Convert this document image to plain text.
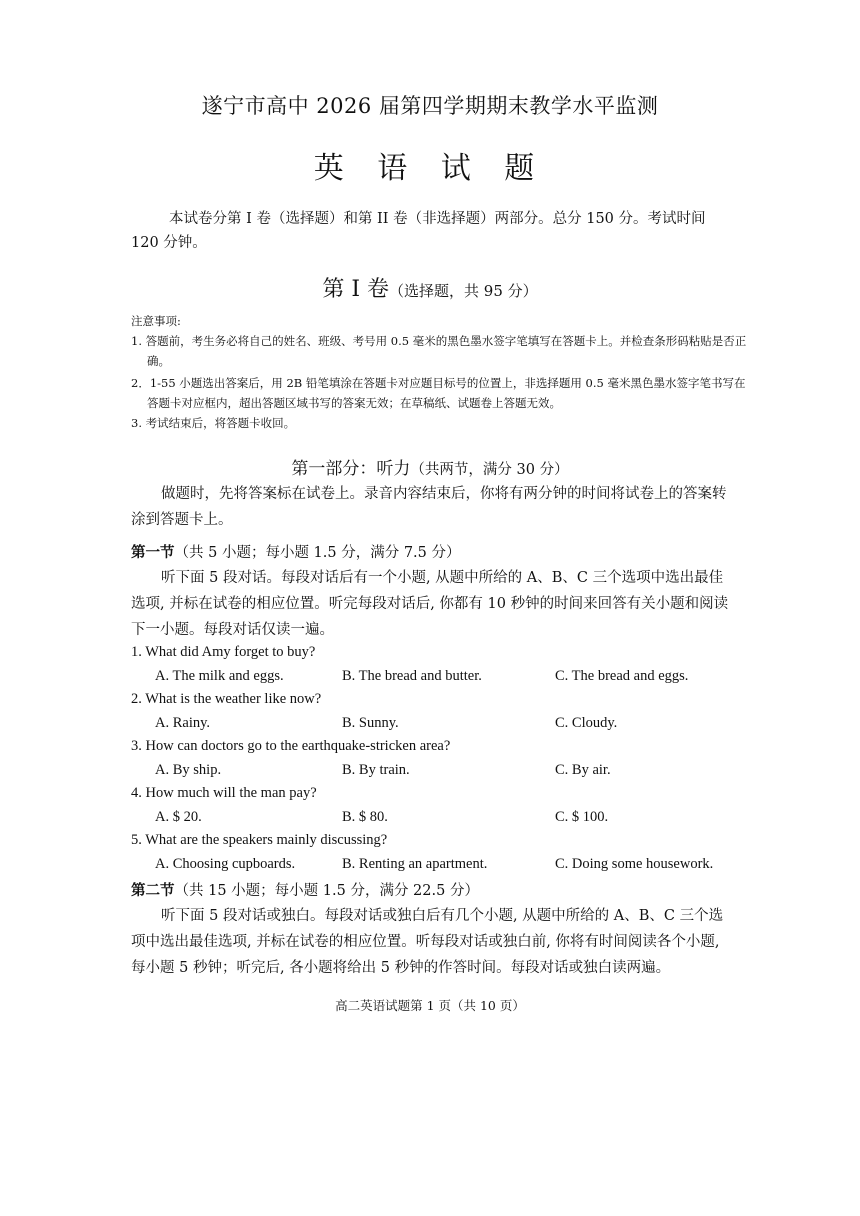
遂宁市高中 2026 届第四学期期末教学水平监测
英 语 试 题
本试卷分第 I 卷（选择题）和第 II 卷（非选择题）两部分。总分 150 分。考试时间 120 分钟。
第 I 卷（选择题，共 95 分）
注意事项:
1. 答题前，考生务必将自己的姓名、班级、考号用 0.5 毫米的黑色墨水签字笔填写在答题卡上。并检查条形码粘贴是否正确。
2．1-55 小题选出答案后，用 2B 铅笔填涂在答题卡对应题目标号的位置上，非选择题用 0.5 毫米黑色墨水签字笔书写在答题卡对应框内，超出答题区域书写的答案无效；在草稿纸、试题卷上答题无效。
3. 考试结束后，将答题卡收回。
第一部分：听力（共两节，满分 30 分）
做题时，先将答案标在试卷上。录音内容结束后，你将有两分钟的时间将试卷上的答案转涂到答题卡上。
第一节（共 5 小题；每小题 1.5 分，满分 7.5 分）
听下面 5 段对话。每段对话后有一个小题, 从题中所给的 A、B、C 三个选项中选出最佳选项, 并标在试卷的相应位置。听完每段对话后, 你都有 10 秒钟的时间来回答有关小题和阅读下一小题。每段对话仅读一遍。
1. What did Amy forget to buy?
A. The milk and eggs.	B. The bread and butter.	C. The bread and eggs.
2. What is the weather like now?
A. Rainy.	B. Sunny.	C. Cloudy.
3. How can doctors go to the earthquake-stricken area?
A. By ship.	B. By train.	C. By air.
4. How much will the man pay?
A. $ 20.	B. $ 80.	C. $ 100.
5. What are the speakers mainly discussing?
A. Choosing cupboards.	B. Renting an apartment.	C. Doing some housework.
第二节（共 15 小题；每小题 1.5 分，满分 22.5 分）
听下面 5 段对话或独白。每段对话或独白后有几个小题, 从题中所给的 A、B、C 三个选项中选出最佳选项, 并标在试卷的相应位置。听每段对话或独白前, 你将有时间阅读各个小题, 每小题 5 秒钟；听完后, 各小题将给出 5 秒钟的作答时间。每段对话或独白读两遍。
高二英语试题第 1 页（共 10 页）
